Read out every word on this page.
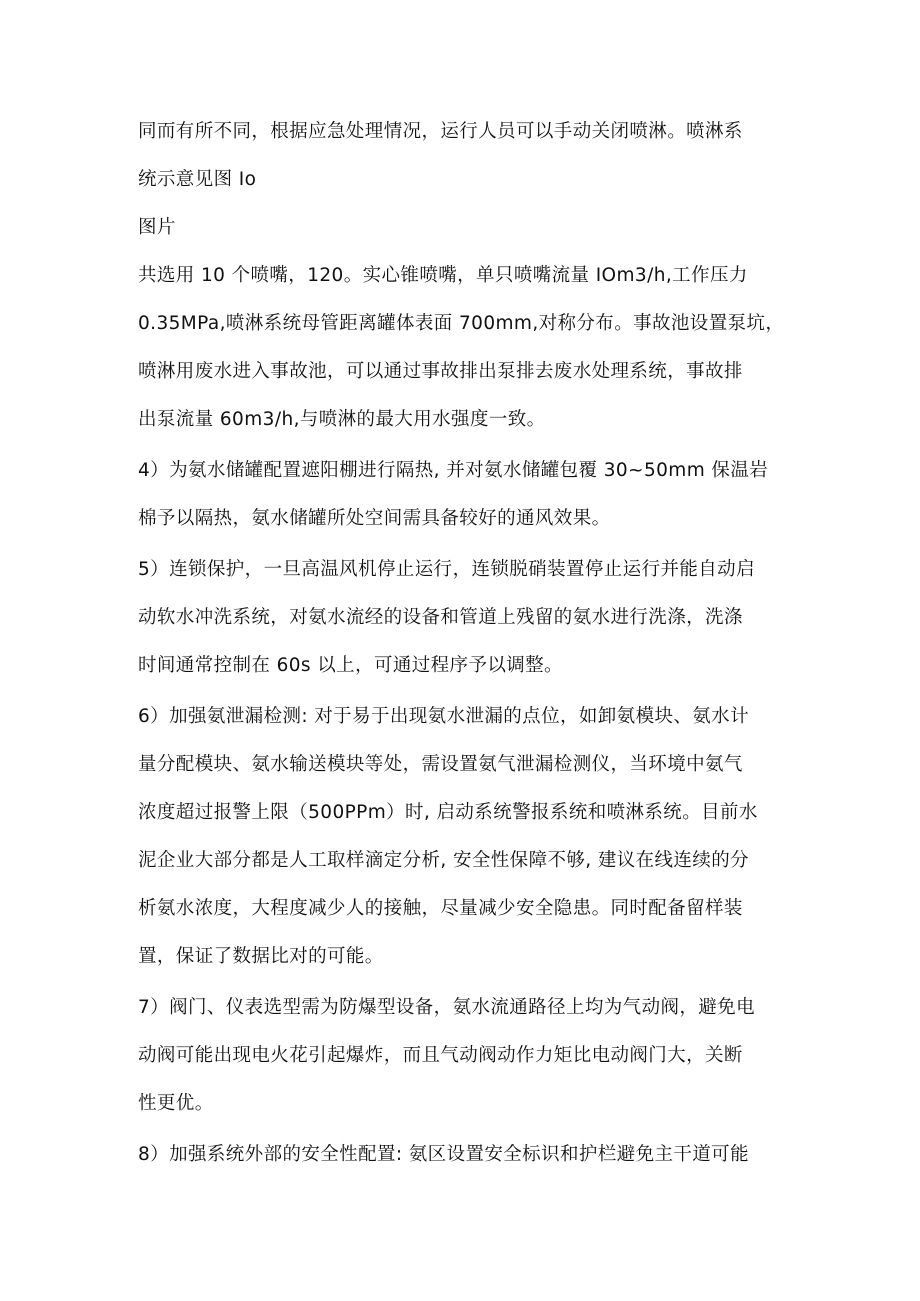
同而有所不同，根据应急处理情况，运行人员可以手动关闭喷淋。喷淋系
统示意见图 Io
图片
共选用 10 个喷嘴，120。实心锥喷嘴，单只喷嘴流量 IOm3∕h,工作压力
0.35MPa,喷淋系统母管距离罐体表面 700mm,对称分布。事故池设置泵坑，
喷淋用废水进入事故池，可以通过事故排出泵排去废水处理系统，事故排
出泵流量 60m3∕h,与喷淋的最大用水强度一致。
4）为氨水储罐配置遮阳棚进行隔热, 并对氨水储罐包覆 30~50mm 保温岩
棉予以隔热，氨水储罐所处空间需具备较好的通风效果。
5）连锁保护，一旦高温风机停止运行，连锁脱硝装置停止运行并能自动启
动软水冲洗系统，对氨水流经的设备和管道上残留的氨水进行洗涤，洗涤
时间通常控制在 60s 以上，可通过程序予以调整。
6）加强氨泄漏检测: 对于易于出现氨水泄漏的点位，如卸氨模块、氨水计
量分配模块、氨水输送模块等处，需设置氨气泄漏检测仪，当环境中氨气
浓度超过报警上限（500PPm）时, 启动系统警报系统和喷淋系统。目前水
泥企业大部分都是人工取样滴定分析, 安全性保障不够, 建议在线连续的分
析氨水浓度，大程度减少人的接触，尽量减少安全隐患。同时配备留样装
置，保证了数据比对的可能。
7）阀门、仪表选型需为防爆型设备，氨水流通路径上均为气动阀，避免电
动阀可能出现电火花引起爆炸，而且气动阀动作力矩比电动阀门大，关断
性更优。
8）加强系统外部的安全性配置: 氨区设置安全标识和护栏避免主干道可能
